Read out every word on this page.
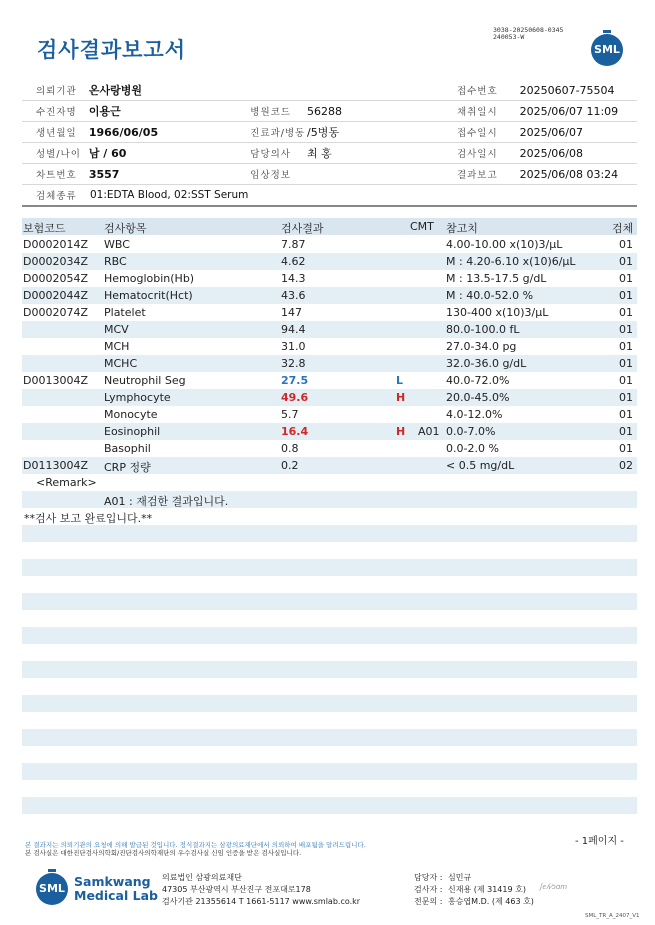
검사결과보고서
3038-20250608-0345
240053-W
SML
의뢰기관	온사랑병원	접수번호	20250607-75504
수진자명	이용근	병원코드	56288	채취일시	2025/06/07 11:09
생년월일	1966/06/05	진료과/병동 /5병동	접수일시	2025/06/07
성별/나이 남 / 60	담당의사	최 홍	검사일시	2025/06/08
차트번호	3557	임상정보	결과보고	2025/06/08 03:24
검체종류	01:EDTA Blood, 02:SST Serum
보험코드	검사항목	검사결과	CMT 참고치	검체
D0002014Z WBC	7.87	4.00-10.00 x(10)3/μL	01
D0002034Z RBC	4.62	M : 4.20-6.10 x(10)6/μL	01
D0002054Z Hemoglobin(Hb)	14.3	M : 13.5-17.5 g/dL	01
D0002044Z Hematocrit(Hct)	43.6	M : 40.0-52.0 %	01
D0002074Z Platelet	147	130-400 x(10)3/μL	01
MCV	94.4	80.0-100.0 fL	01
MCH	31.0	27.0-34.0 pg	01
MCHC	32.8	32.0-36.0 g/dL	01
D0013004Z Neutrophil Seg	27.5	L	40.0-72.0%	01
Lymphocyte	49.6	H	20.0-45.0%	01
Monocyte	5.7	4.0-12.0%	01
Eosinophil	16.4	H A01 0.0-7.0%	01
Basophil	0.8	0.0-2.0 %	01
D0113004Z CRP 정량	0.2	< 0.5 mg/dL	02
<Remark>
A01 : 재검한 결과입니다.
**검사 보고 완료입니다.**
- 1페이지 -
본 결과지는 의뢰기관의 요청에 의해 발급된 것입니다. 정식결과지는 삼광의료재단에서 의뢰하여 배포됨을 알려드립니다.
본 검사실은 대한진단검사의학회/진단검사의학재단의 우수검사실 신임 인증을 받은 검사실입니다.
SML Samkwang
Medical Lab
의료법인 삼광의료재단
47305 부산광역시 부산진구 전포대로178
검사기관 21355614 T 1661-5117 www.smlab.co.kr
담당자 : 심민규
검사자 : 신재용 (제 31419 호)
전문의 : 홍승엽M.D. (제 463 호)
ʃϵʎ⁄ɔɑm
SML_TR_A_2407_V1
